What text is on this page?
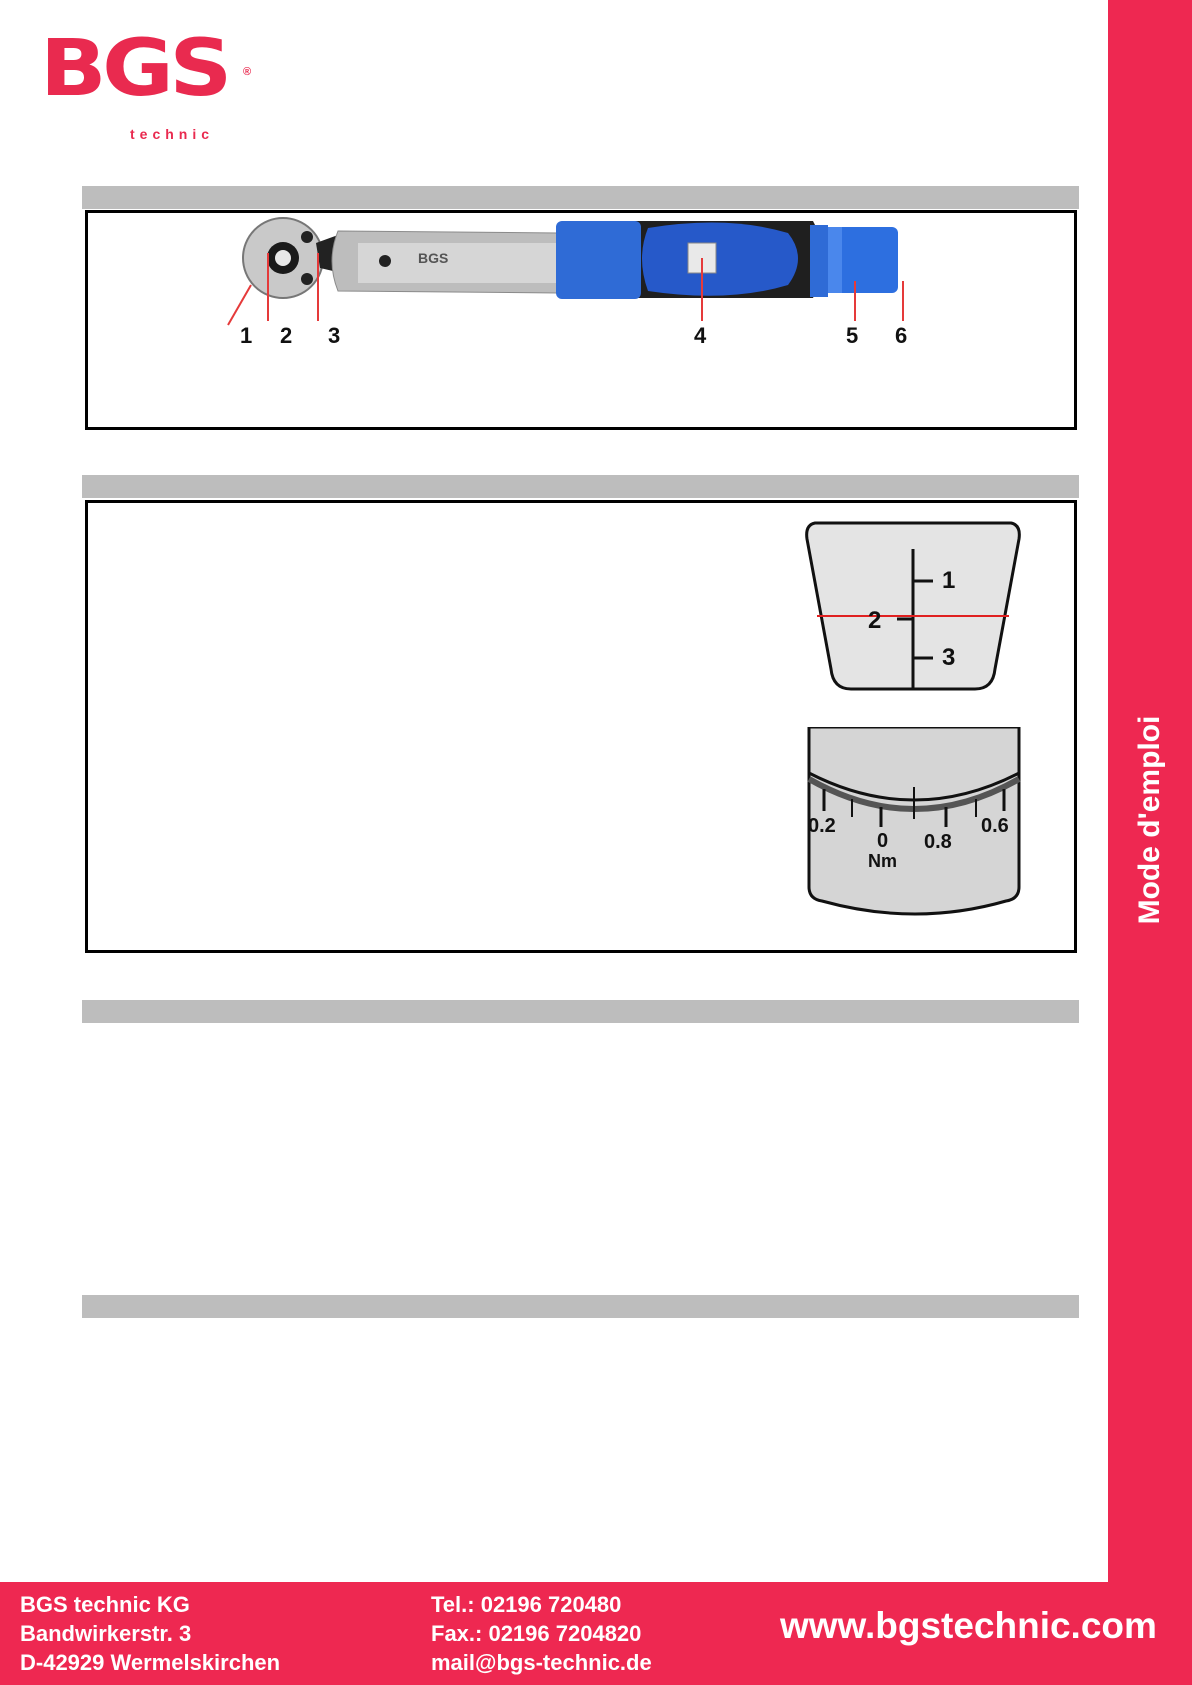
BGS ®
technic
Mode d'emploi
BGS
1 2 3	4	5 6
1
2
3
0.2
0 0.8
0.6
Nm
BGS technic KG
Bandwirkerstr. 3
D-42929 Wermelskirchen
Tel.: 02196 720480
Fax.: 02196 7204820
mail@bgs-technic.de
www.bgstechnic.com
